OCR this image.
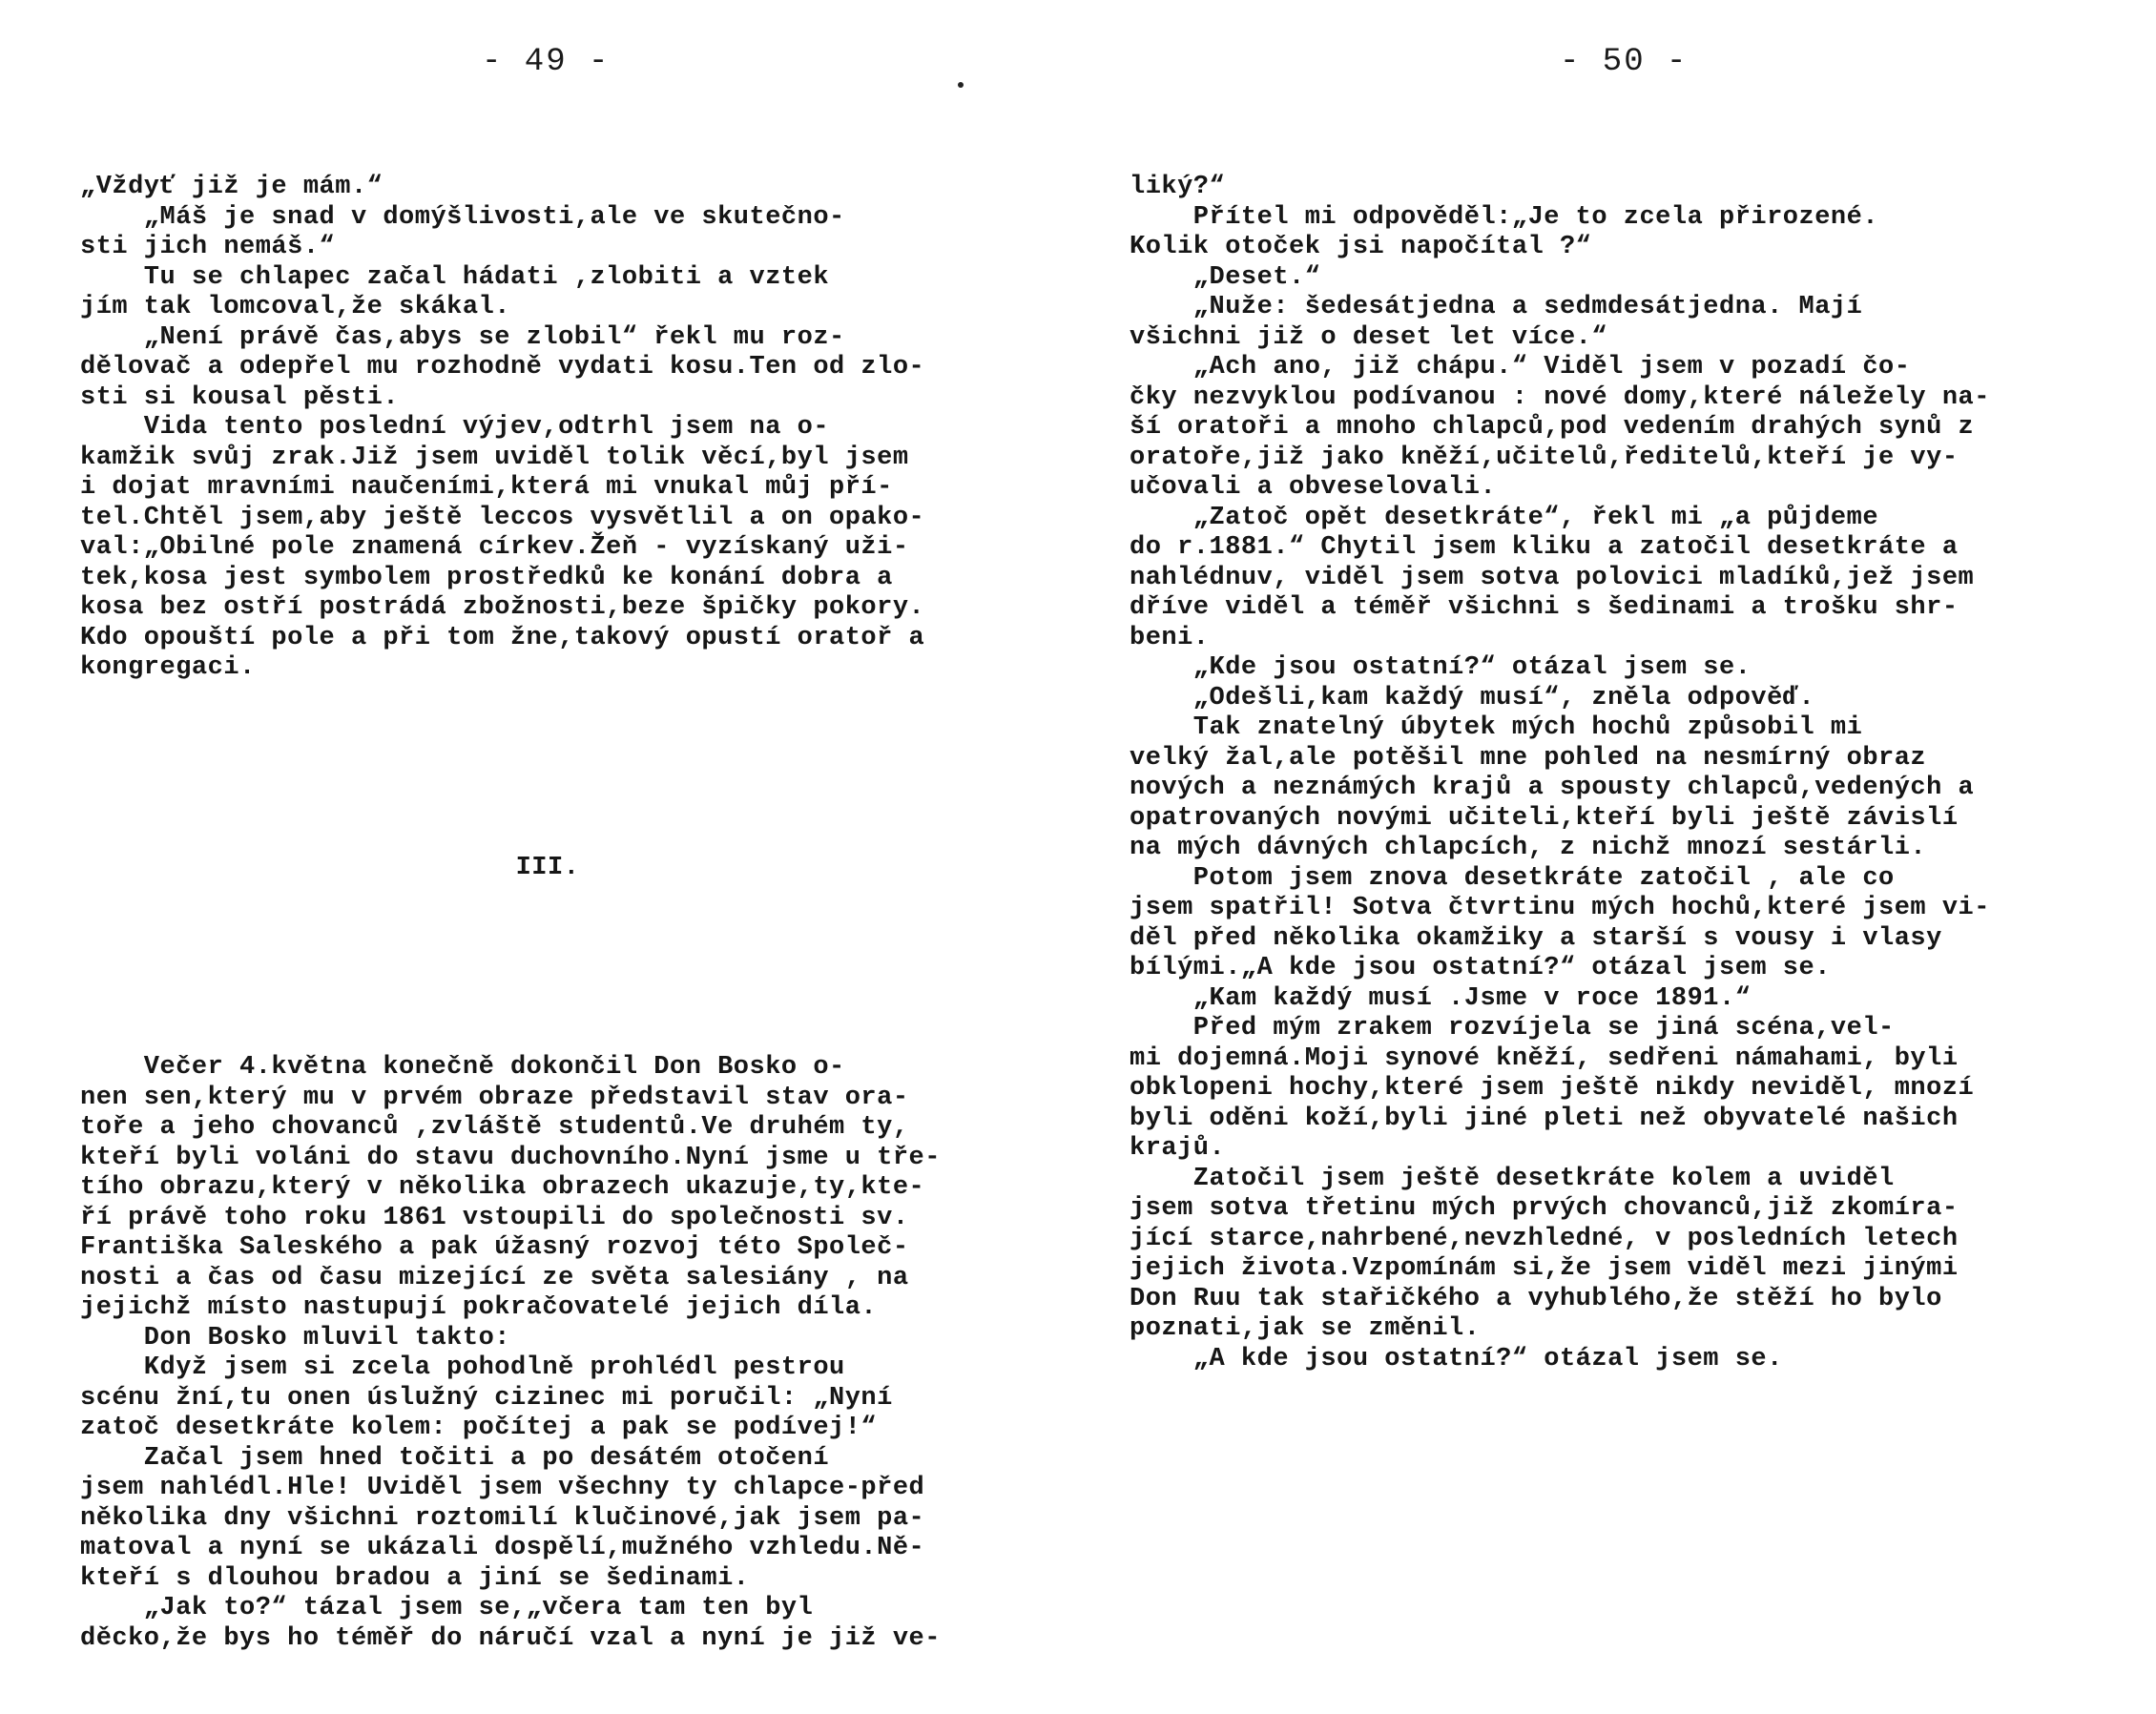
- 49 -

„Vždyť již je mám.“
„Máš je snad v domýšlivosti,ale ve skutečno-
sti jich nemáš.“
Tu se chlapec začal hádati ,zlobiti a vztek
jím tak lomcoval,že skákal.
„Není právě čas,abys se zlobil“ řekl mu roz-
dělovač a odepřel mu rozhodně vydati kosu.Ten od zlo-
sti si kousal pěsti.
Vida tento poslední výjev,odtrhl jsem na o-
kamžik svůj zrak.Již jsem uviděl tolik věcí,byl jsem
i dojat mravními naučeními,která mi vnukal můj pří-
tel.Chtěl jsem,aby ještě leccos vysvětlil a on opako-
val:„Obilné pole znamená církev.Žeň - vyzískaný uži-
tek,kosa jest symbolem prostředků ke konání dobra a
kosa bez ostří postrádá zbožnosti,beze špičky pokory.
Kdo opouští pole a při tom žne,takový opustí oratoř a
kongregaci.

III.

Večer 4.května konečně dokončil Don Bosko o-
nen sen,který mu v prvém obraze představil stav ora-
toře a jeho chovanců ,zvláště studentů.Ve druhém ty,
kteří byli voláni do stavu duchovního.Nyní jsme u tře-
tího obrazu,který v několika obrazech ukazuje,ty,kte-
ří právě toho roku 1861 vstoupili do společnosti sv.
Františka Saleského a pak úžasný rozvoj této Společ-
nosti a čas od času mizející ze světa salesiány , na
jejichž místo nastupují pokračovatelé jejich díla.
Don Bosko mluvil takto:
Když jsem si zcela pohodlně prohlédl pestrou
scénu žní,tu onen úslužný cizinec mi poručil: „Nyní
zatoč desetkráte kolem: počítej a pak se podívej!“
Začal jsem hned točiti a po desátém otočení
jsem nahlédl.Hle! Uviděl jsem všechny ty chlapce-před
několika dny všichni roztomilí klučinové,jak jsem pa-
matoval a nyní se ukázali dospělí,mužného vzhledu.Ně-
kteří s dlouhou bradou a jiní se šedinami.
„Jak to?“ tázal jsem se,„včera tam ten byl
děcko,že bys ho téměř do náručí vzal a nyní je již ve-

- 50 -

liký?“
Přítel mi odpověděl:„Je to zcela přirozené.
Kolik otoček jsi napočítal ?“
„Deset.“
„Nuže: šedesátjedna a sedmdesátjedna. Mají
všichni již o deset let více.“
„Ach ano, již chápu.“ Viděl jsem v pozadí čo-
čky nezvyklou podívanou : nové domy,které náležely na-
ší oratoři a mnoho chlapců,pod vedením drahých synů z
oratoře,již jako kněží,učitelů,ředitelů,kteří je vy-
učovali a obveselovali.
„Zatoč opět desetkráte“, řekl mi „a půjdeme
do r.1881.“ Chytil jsem kliku a zatočil desetkráte a
nahlédnuv, viděl jsem sotva polovici mladíků,jež jsem
dříve viděl a téměř všichni s šedinami a trošku shr-
beni.
„Kde jsou ostatní?“ otázal jsem se.
„Odešli,kam každý musí“, zněla odpověď.
Tak znatelný úbytek mých hochů způsobil mi
velký žal,ale potěšil mne pohled na nesmírný obraz
nových a neznámých krajů a spousty chlapců,vedených a
opatrovaných novými učiteli,kteří byli ještě závislí
na mých dávných chlapcích, z nichž mnozí sestárli.
Potom jsem znova desetkráte zatočil , ale co
jsem spatřil! Sotva čtvrtinu mých hochů,které jsem vi-
děl před několika okamžiky a starší s vousy i vlasy
bílými.„A kde jsou ostatní?“ otázal jsem se.
„Kam každý musí .Jsme v roce 1891.“
Před mým zrakem rozvíjela se jiná scéna,vel-
mi dojemná.Moji synové kněží, sedřeni námahami, byli
obklopeni hochy,které jsem ještě nikdy neviděl, mnozí
byli oděni koží,byli jiné pleti než obyvatelé našich
krajů.
Zatočil jsem ještě desetkráte kolem a uviděl
jsem sotva třetinu mých prvých chovanců,již zkomíra-
jící starce,nahrbené,nevzhledné, v posledních letech
jejich života.Vzpomínám si,že jsem viděl mezi jinými
Don Ruu tak stařičkého a vyhublého,že stěží ho bylo
poznati,jak se změnil.
„A kde jsou ostatní?“ otázal jsem se.
